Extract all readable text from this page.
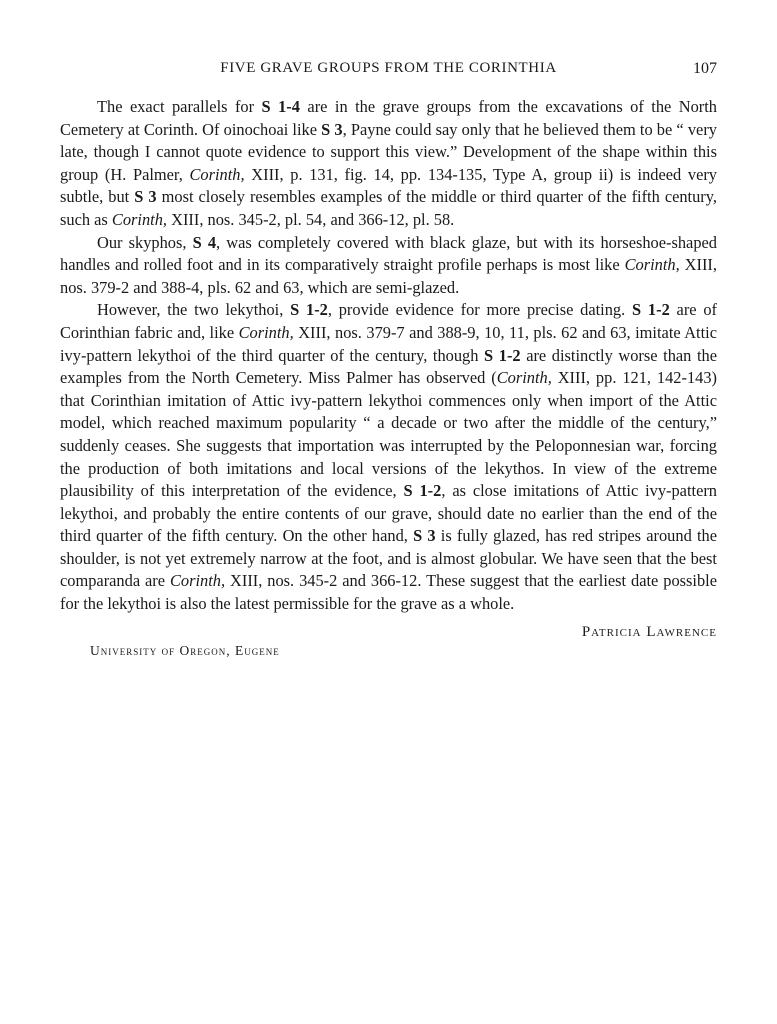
FIVE GRAVE GROUPS FROM THE CORINTHIA	107

The exact parallels for S 1-4 are in the grave groups from the excavations of the North Cemetery at Corinth. Of oinochoai like S 3, Payne could say only that he believed them to be “ very late, though I cannot quote evidence to support this view.” Development of the shape within this group (H. Palmer, Corinth, XIII, p. 131, fig. 14, pp. 134-135, Type A, group ii) is indeed very subtle, but S 3 most closely resembles examples of the middle or third quarter of the fifth century, such as Corinth, XIII, nos. 345-2, pl. 54, and 366-12, pl. 58.

Our skyphos, S 4, was completely covered with black glaze, but with its horseshoe-shaped handles and rolled foot and in its comparatively straight profile perhaps is most like Corinth, XIII, nos. 379-2 and 388-4, pls. 62 and 63, which are semi-glazed.

However, the two lekythoi, S 1-2, provide evidence for more precise dating. S 1-2 are of Corinthian fabric and, like Corinth, XIII, nos. 379-7 and 388-9, 10, 11, pls. 62 and 63, imitate Attic ivy-pattern lekythoi of the third quarter of the century, though S 1-2 are distinctly worse than the examples from the North Cemetery. Miss Palmer has observed (Corinth, XIII, pp. 121, 142-143) that Corinthian imitation of Attic ivy-pattern lekythoi commences only when import of the Attic model, which reached maximum popularity “ a decade or two after the middle of the century,” suddenly ceases. She suggests that importation was interrupted by the Peloponnesian war, forcing the production of both imitations and local versions of the lekythos. In view of the extreme plausibility of this interpretation of the evidence, S 1-2, as close imitations of Attic ivy-pattern lekythoi, and probably the entire contents of our grave, should date no earlier than the end of the third quarter of the fifth century. On the other hand, S 3 is fully glazed, has red stripes around the shoulder, is not yet extremely narrow at the foot, and is almost globular. We have seen that the best comparanda are Corinth, XIII, nos. 345-2 and 366-12. These suggest that the earliest date possible for the lekythoi is also the latest permissible for the grave as a whole.

Patricia Lawrence
University of Oregon, Eugene
